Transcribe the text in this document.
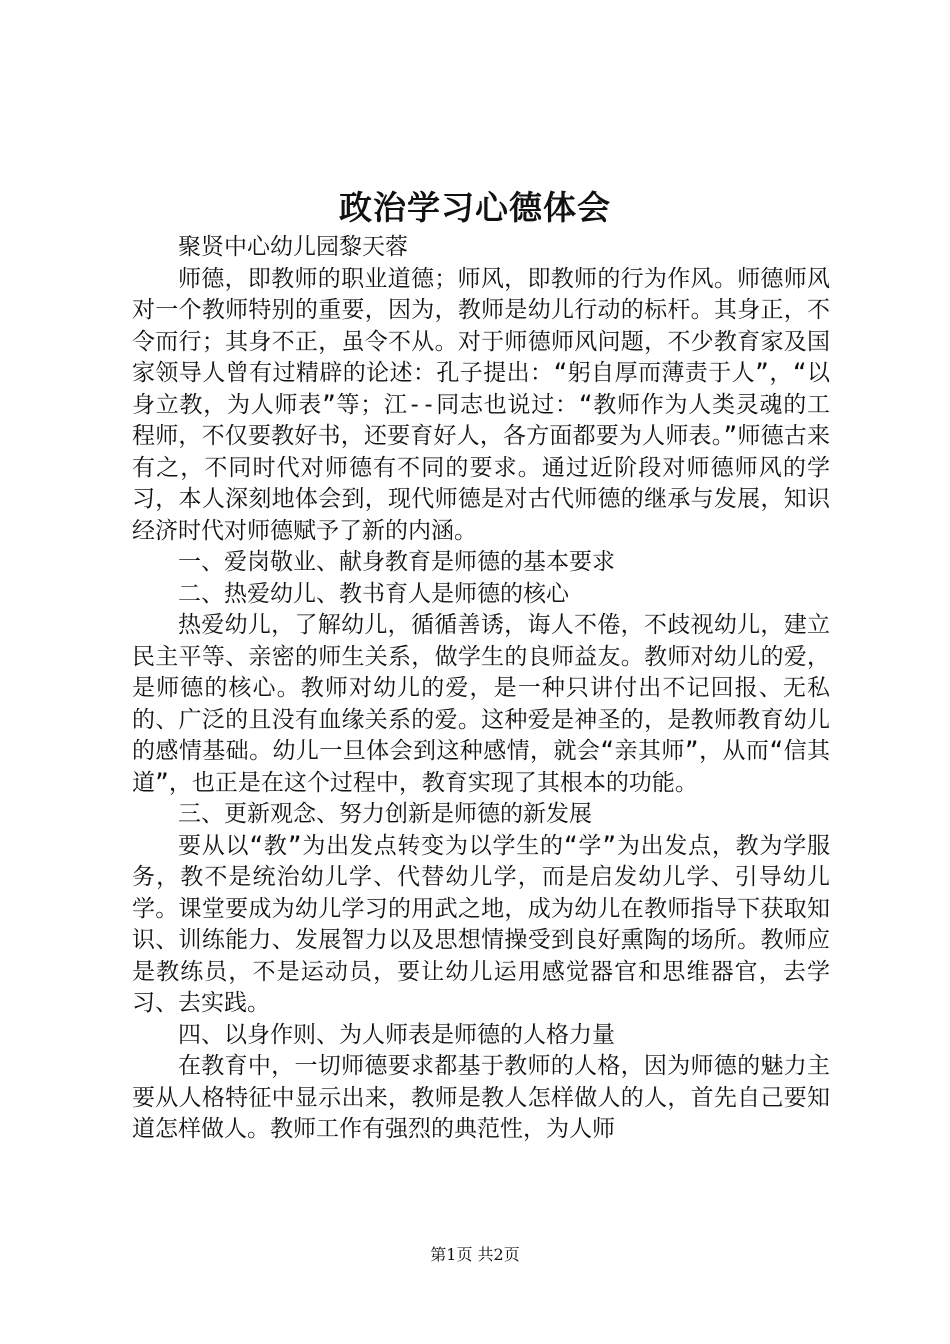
政治学习心德体会

聚贤中心幼儿园黎天蓉

师德，即教师的职业道德；师风，即教师的行为作风。师德师风对一个教师特别的重要，因为，教师是幼儿行动的标杆。其身正，不令而行；其身不正，虽令不从。对于师德师风问题，不少教育家及国家领导人曾有过精辟的论述：孔子提出：“躬自厚而薄责于人”，“以身立教，为人师表”等；江--同志也说过：“教师作为人类灵魂的工程师，不仅要教好书，还要育好人，各方面都要为人师表。”师德古来有之，不同时代对师德有不同的要求。通过近阶段对师德师风的学习，本人深刻地体会到，现代师德是对古代师德的继承与发展，知识经济时代对师德赋予了新的内涵。

一、爱岗敬业、献身教育是师德的基本要求

二、热爱幼儿、教书育人是师德的核心

热爱幼儿，了解幼儿，循循善诱，诲人不倦，不歧视幼儿，建立民主平等、亲密的师生关系，做学生的良师益友。教师对幼儿的爱，是师德的核心。教师对幼儿的爱，是一种只讲付出不记回报、无私的、广泛的且没有血缘关系的爱。这种爱是神圣的，是教师教育幼儿的感情基础。幼儿一旦体会到这种感情，就会“亲其师”，从而“信其道”，也正是在这个过程中，教育实现了其根本的功能。

三、更新观念、努力创新是师德的新发展

要从以“教”为出发点转变为以学生的“学”为出发点，教为学服务，教不是统治幼儿学、代替幼儿学，而是启发幼儿学、引导幼儿学。课堂要成为幼儿学习的用武之地，成为幼儿在教师指导下获取知识、训练能力、发展智力以及思想情操受到良好熏陶的场所。教师应是教练员，不是运动员，要让幼儿运用感觉器官和思维器官，去学习、去实践。

四、以身作则、为人师表是师德的人格力量

在教育中，一切师德要求都基于教师的人格，因为师德的魅力主要从人格特征中显示出来，教师是教人怎样做人的人，首先自己要知道怎样做人。教师工作有强烈的典范性，为人师

第1页 共2页
